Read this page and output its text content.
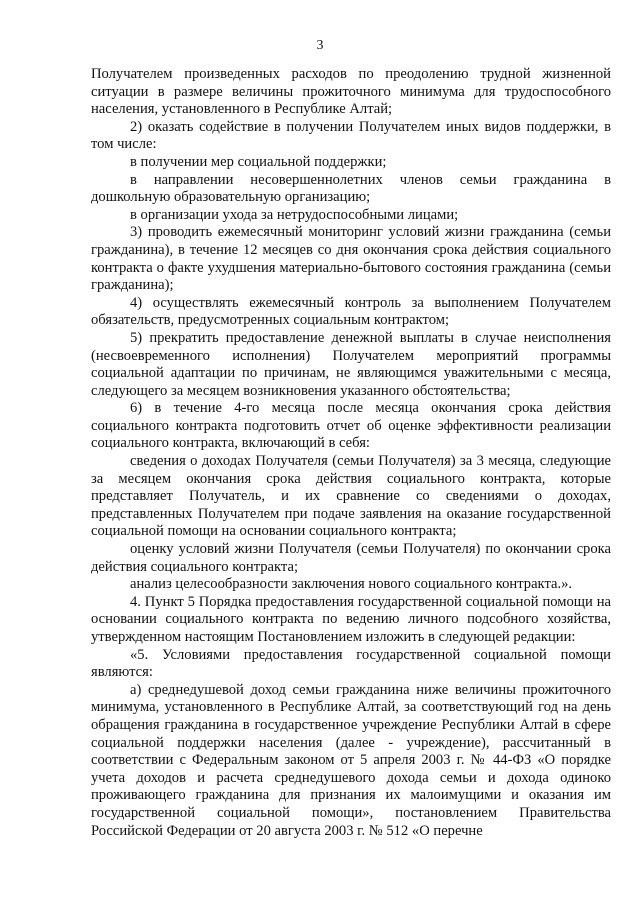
3

Получателем произведенных расходов по преодолению трудной жизненной ситуации в размере величины прожиточного минимума для трудоспособного населения, установленного в Республике Алтай;

2) оказать содействие в получении Получателем иных видов поддержки, в том числе:

в получении мер социальной поддержки;

в направлении несовершеннолетних членов семьи гражданина в дошкольную образовательную организацию;

в организации ухода за нетрудоспособными лицами;

3) проводить ежемесячный мониторинг условий жизни гражданина (семьи гражданина), в течение 12 месяцев со дня окончания срока действия социального контракта о факте ухудшения материально-бытового состояния гражданина (семьи гражданина);

4) осуществлять ежемесячный контроль за выполнением Получателем обязательств, предусмотренных социальным контрактом;

5) прекратить предоставление денежной выплаты в случае неисполнения (несвоевременного исполнения) Получателем мероприятий программы социальной адаптации по причинам, не являющимся уважительными с месяца, следующего за месяцем возникновения указанного обстоятельства;

6) в течение 4-го месяца после месяца окончания срока действия социального контракта подготовить отчет об оценке эффективности реализации социального контракта, включающий в себя:

сведения о доходах Получателя (семьи Получателя) за 3 месяца, следующие за месяцем окончания срока действия социального контракта, которые представляет Получатель, и их сравнение со сведениями о доходах, представленных Получателем при подаче заявления на оказание государственной социальной помощи на основании социального контракта;

оценку условий жизни Получателя (семьи Получателя) по окончании срока действия социального контракта;

анализ целесообразности заключения нового социального контракта.».

4. Пункт 5 Порядка предоставления государственной социальной помощи на основании социального контракта по ведению личного подсобного хозяйства, утвержденном настоящим Постановлением изложить в следующей редакции:

«5. Условиями предоставления государственной социальной помощи являются:

а) среднедушевой доход семьи гражданина ниже величины прожиточного минимума, установленного в Республике Алтай, за соответствующий год на день обращения гражданина в государственное учреждение Республики Алтай в сфере социальной поддержки населения (далее - учреждение), рассчитанный в соответствии с Федеральным законом от 5 апреля 2003 г. № 44-ФЗ «О порядке учета доходов и расчета среднедушевого дохода семьи и дохода одиноко проживающего гражданина для признания их малоимущими и оказания им государственной социальной помощи», постановлением Правительства Российской Федерации от 20 августа 2003 г. № 512 «О перечне
